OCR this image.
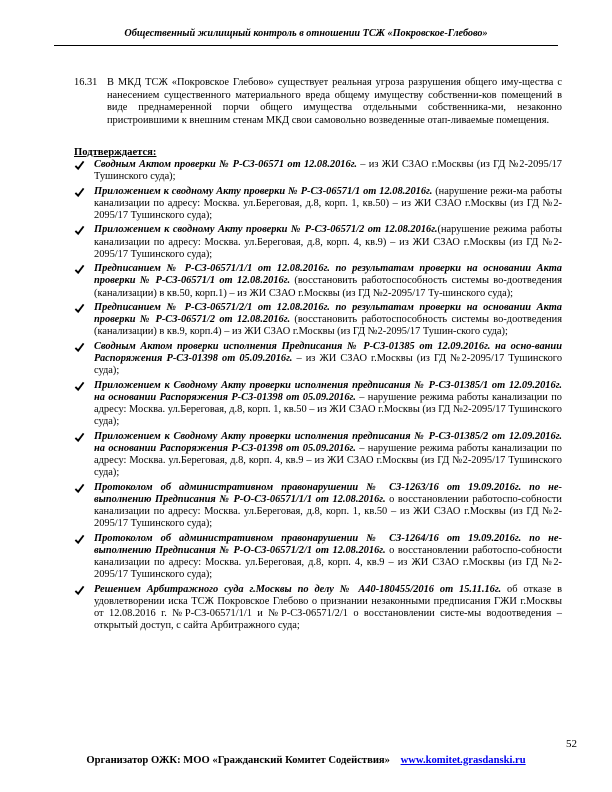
Общественный жилищный контроль в отношении ТСЖ «Покровское-Глебово»
16.31 В МКД ТСЖ «Покровское Глебово» существует реальная угроза разрушения общего иму-щества с нанесением существенного материального вреда общему имуществу собственни-ков помещений в виде преднамеренной порчи общего имущества отдельными собственника-ми, незаконно пристроившими к внешним стенам МКД свои самовольно возведенные отап-ливаемые помещения.
Подтверждается:
Сводным Актом проверки № Р-СЗ-06571 от 12.08.2016г. – из ЖИ СЗАО г.Москвы (из ГД №2-2095/17 Тушинского суда);
Приложением к сводному Акту проверки № Р-СЗ-06571/1 от 12.08.2016г. (нарушение режи-ма работы канализации по адресу: Москва. ул.Береговая, д.8, корп. 1, кв.50) – из ЖИ СЗАО г.Москвы (из ГД №2-2095/17 Тушинского суда);
Приложением к сводному Акту проверки № Р-СЗ-06571/2 от 12.08.2016г.(нарушение режима работы канализации по адресу: Москва. ул.Береговая, д.8, корп. 4, кв.9) – из ЖИ СЗАО г.Москвы (из ГД №2-2095/17 Тушинского суда);
Предписанием № Р-СЗ-06571/1/1 от 12.08.2016г. по результатам проверки на основании Акта проверки № Р-СЗ-06571/1 от 12.08.2016г. (восстановить работоспособность системы во-доотведения (канализации) в кв.50, корп.1) – из ЖИ СЗАО г.Москвы (из ГД №2-2095/17 Ту-шинского суда);
Предписанием № Р-СЗ-06571/2/1 от 12.08.2016г. по результатам проверки на основании Акта проверки № Р-СЗ-06571/2 от 12.08.2016г. (восстановить работоспособность системы во-доотведения (канализации) в кв.9, корп.4) – из ЖИ СЗАО г.Москвы (из ГД №2-2095/17 Тушин-ского суда);
Сводным Актом проверки исполнения Предписания № Р-СЗ-01385 от 12.09.2016г. на осно-вании Распоряжения Р-СЗ-01398 от 05.09.2016г. – из ЖИ СЗАО г.Москвы (из ГД №2-2095/17 Тушинского суда);
Приложением к Сводному Акту проверки исполнения предписания № Р-СЗ-01385/1 от 12.09.2016г. на основании Распоряжения Р-СЗ-01398 от 05.09.2016г. – нарушение режима работы канализации по адресу: Москва. ул.Береговая, д.8, корп. 1, кв.50 – из ЖИ СЗАО г.Москвы (из ГД №2-2095/17 Тушинского суда);
Приложением к Сводному Акту проверки исполнения предписания № Р-СЗ-01385/2 от 12.09.2016г. на основании Распоряжения Р-СЗ-01398 от 05.09.2016г. – нарушение режима работы канализации по адресу: Москва. ул.Береговая, д.8, корп. 4, кв.9 – из ЖИ СЗАО г.Москвы (из ГД №2-2095/17 Тушинского суда);
Протоколом об административном правонарушении № СЗ-1263/16 от 19.09.2016г. по не-выполнению Предписания № Р-О-СЗ-06571/1/1 от 12.08.2016г. о восстановлении работоспо-собности канализации по адресу: Москва. ул.Береговая, д.8, корп. 1, кв.50 – из ЖИ СЗАО г.Москвы (из ГД №2-2095/17 Тушинского суда);
Протоколом об административном правонарушении № СЗ-1264/16 от 19.09.2016г. по не-выполнению Предписания № Р-О-СЗ-06571/2/1 от 12.08.2016г. о восстановлении работоспо-собности канализации по адресу: Москва. ул.Береговая, д.8, корп. 4, кв.9 – из ЖИ СЗАО г.Москвы (из ГД №2-2095/17 Тушинского суда);
Решением Арбитражного суда г.Москвы по делу № А40-180455/2016 от 15.11.16г. об отказе в удовлетворении иска ТСЖ Покровское Глебово о признании незаконными предписания ГЖИ г.Москвы от 12.08.2016 г. №Р-СЗ-06571/1/1 и №Р-СЗ-06571/2/1 о восстановлении систе-мы водоотведения – открытый доступ, с сайта Арбитражного суда;
52
Организатор ОЖК: МОО «Гражданский Комитет Содействия» www.komitet.grasdanski.ru
